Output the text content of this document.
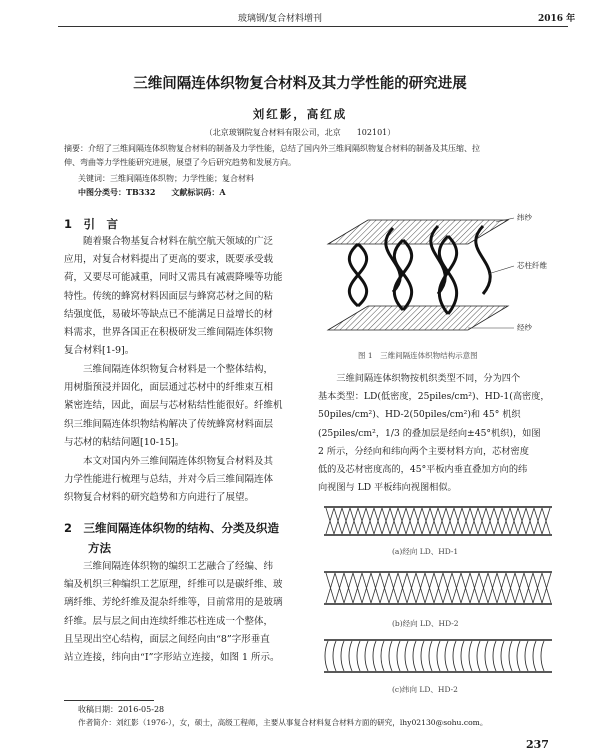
玻璃钢/复合材料增刊	2016 年
三维间隔连体织物复合材料及其力学性能的研究进展
刘红影，高红成
（北京玻钢院复合材料有限公司，北京　　102101）
摘要：介绍了三维间隔连体织物复合材料的制备及力学性能，总结了国内外三维间隔织物复合材料的制备及其压缩、拉
伸、弯曲等力学性能研究进展，展望了今后研究趋势和发展方向。
关键词：三维间隔连体织物；力学性能；复合材料
中图分类号：TB332　　文献标识码：A
1　引　言
随着聚合物基复合材料在航空航天领域的广泛
应用，对复合材料提出了更高的要求，既要承受载
荷，又要尽可能减重，同时又需具有减震降噪等功能
特性。传统的蜂窝材料因面层与蜂窝芯材之间的粘
结强度低，易破坏等缺点已不能满足日益增长的材
料需求，世界各国正在积极研发三维间隔连体织物
复合材料[1-9]。
三维间隔连体织物复合材料是一个整体结构，
用树脂预浸并固化，面层通过芯材中的纤维束互相
紧密连结，因此，面层与芯材粘结性能很好。纤维机
织三维间隔连体织物结构解决了传统蜂窝材料面层
与芯材的粘结问题[10-15]。
本文对国内外三维间隔连体织物复合材料及其
力学性能进行梳理与总结，并对今后三维间隔连体
织物复合材料的研究趋势和方向进行了展望。
2　三维间隔连体织物的结构、分类及织造
方法
三维间隔连体织物的编织工艺融合了经编、纬
编及机织三种编织工艺原理，纤维可以是碳纤维、玻
璃纤维、芳纶纤维及混杂纤维等，目前常用的是玻璃
纤维。层与层之间由连续纤维芯柱连成一个整体，
且呈现出空心结构，面层之间经向由“8”字形垂直
站立连接，纬向由“Ⅰ”字形站立连接，如图 1 所示。
纬纱
芯柱纤维
经纱
图 1　三维间隔连体织物结构示意图
三维间隔连体织物按机织类型不同，分为四个
基本类型：LD(低密度，25piles/cm²)、HD-1(高密度，
50piles/cm²)、HD-2(50piles/cm²)和 45° 机织
(25piles/cm²，1/3 的叠加层是经向±45°机织)，如图
2 所示，分经向和纬向两个主要材料方向，芯材密度
低的及芯材密度高的，45°平板内垂直叠加方向的纬
向视图与 LD 平板纬向视图相似。
(a)经向 LD、HD-1
(b)经向 LD、HD-2
(c)纬向 LD、HD-2
收稿日期：2016-05-28
作者简介：刘红影（1976-），女，硕士，高级工程师，主要从事复合材料复合材料方面的研究，lhy02130@sohu.com。
237
